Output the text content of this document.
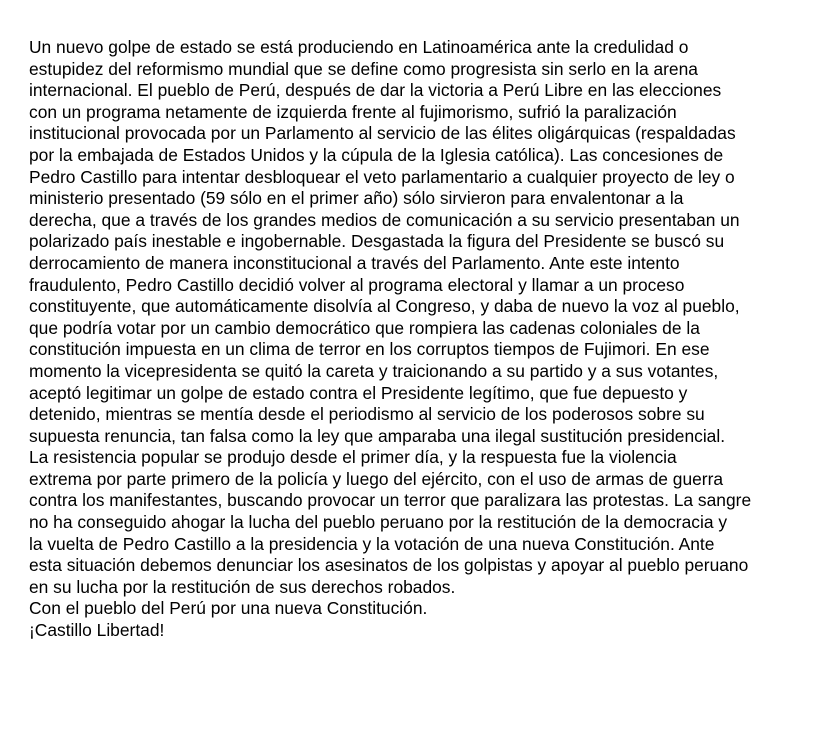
Un nuevo golpe de estado se está produciendo en Latinoamérica ante la credulidad o
estupidez del reformismo mundial que se define como progresista sin serlo en la arena
internacional. El pueblo de Perú, después de dar la victoria a Perú Libre en las elecciones
con un programa netamente de izquierda frente al fujimorismo, sufrió la paralización
institucional provocada por un Parlamento al servicio de las élites oligárquicas (respaldadas
por la embajada de Estados Unidos y la cúpula de la Iglesia católica). Las concesiones de
Pedro Castillo para intentar desbloquear el veto parlamentario a cualquier proyecto de ley o
ministerio presentado (59 sólo en el primer año) sólo sirvieron para envalentonar a la
derecha, que a través de los grandes medios de comunicación a su servicio presentaban un
polarizado país inestable e ingobernable. Desgastada la figura del Presidente se buscó su
derrocamiento de manera inconstitucional a través del Parlamento. Ante este intento
fraudulento, Pedro Castillo decidió volver al programa electoral y llamar a un proceso
constituyente, que automáticamente disolvía al Congreso, y daba de nuevo la voz al pueblo,
que podría votar por un cambio democrático que rompiera las cadenas coloniales de la
constitución impuesta en un clima de terror en los corruptos tiempos de Fujimori. En ese
momento la vicepresidenta se quitó la careta y traicionando a su partido y a sus votantes,
aceptó legitimar un golpe de estado contra el Presidente legítimo, que fue depuesto y
detenido, mientras se mentía desde el periodismo al servicio de los poderosos sobre su
supuesta renuncia, tan falsa como la ley que amparaba una ilegal sustitución presidencial.
La resistencia popular se produjo desde el primer día, y la respuesta fue la violencia
extrema por parte primero de la policía y luego del ejército, con el uso de armas de guerra
contra los manifestantes, buscando provocar un terror que paralizara las protestas. La sangre
no ha conseguido ahogar la lucha del pueblo peruano por la restitución de la democracia y
la vuelta de Pedro Castillo a la presidencia y la votación de una nueva Constitución. Ante
esta situación debemos denunciar los asesinatos de los golpistas y apoyar al pueblo peruano
en su lucha por la restitución de sus derechos robados.
Con el pueblo del Perú por una nueva Constitución.
¡Castillo Libertad!
